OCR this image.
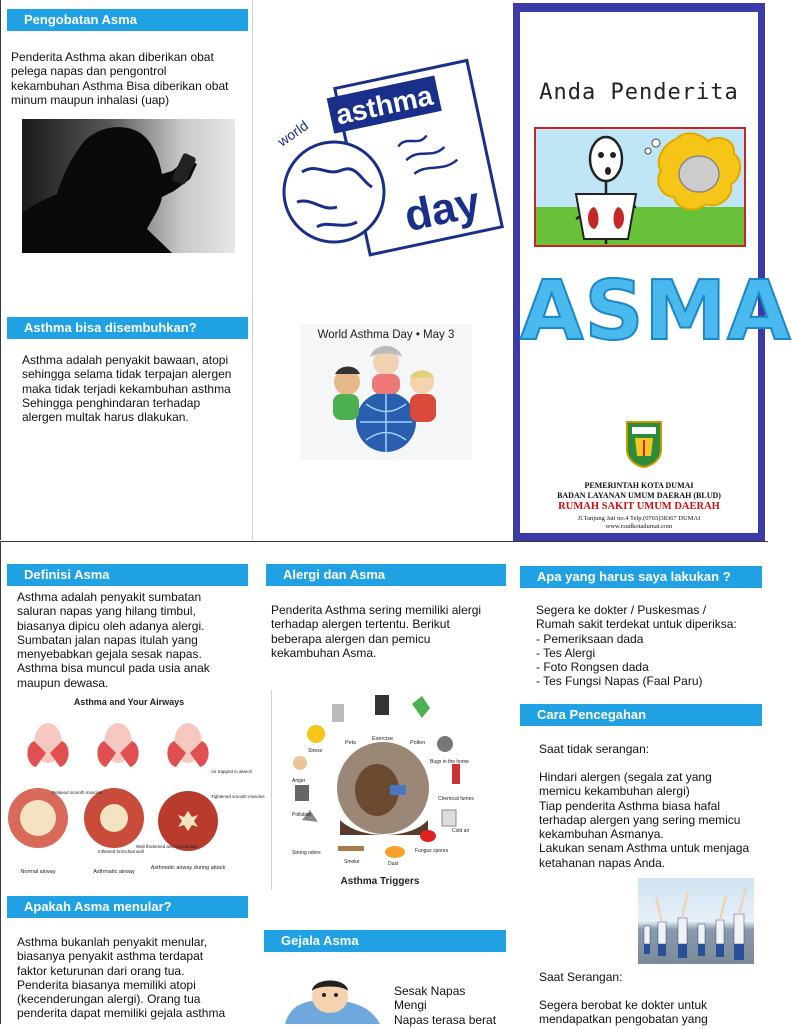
Pengobatan Asma
Penderita Asthma akan diberikan obat
pelega napas dan pengontrol
kekambuhan Asthma Bisa diberikan obat
minum maupun inhalasi (uap)	asthma
day
world
Asthma bisa disembuhkan?
Asthma adalah penyakit bawaan, atopi
sehingga selama tidak terpajan alergen
maka tidak terjadi kekambuhan asthma
Sehingga penghindaran terhadap
alergen multak harus dlakukan.
World Asthma Day • May 3
Anda Penderita
ASMA
PEMERINTAH KOTA DUMAI
BADAN LAYANAN UMUM DAERAH (BLUD)
RUMAH SAKIT UMUM DAERAH
Jl.Tanjung Jati no.4 Telp.(0765)38367 DUMAI
www.rsudkotadumai.com
Definisi Asma
Asthma adalah penyakit sumbatan
saluran napas yang hilang timbul,
biasanya dipicu oleh adanya alergi.
Sumbatan jalan napas itulah yang
menyebabkan gejala sesak napas.
Asthma bisa muncul pada usia anak
maupun dewasa.
Asthma and Your Airways
Normal airway	Asthmatic airway
Asthmatic airway during attack
Relaxed smooth muscles
Inflamed bronchial wall
Air trapped in alveoli
Tightened smooth muscles
Wall thickened and constricted
Apakah Asma menular?
Asthma bukanlah penyakit menular,
biasanya penyakit asthma terdapat
faktor keturunan dari orang tua.
Penderita biasanya memiliki atopi
(kecenderungan alergi). Orang tua
penderita dapat memiliki gejala asthma
Alergi dan Asma
Penderita Asthma sering memiliki alergi
terhadap alergen tertentu. Berikut
beberapa alergen dan pemicu
kekambuhan Asma.
Pets
Exercise
Pollen
Bugs in the home
Chemical fumes
Cold air
Fungus spores
Dust
Smoke
Strong odors
Pollution
Anger
Stress
Asthma Triggers
Gejala Asma
Sesak Napas
Mengi
Napas terasa berat
Apa yang harus saya lakukan ?
Segera ke dokter / Puskesmas /
Rumah sakit terdekat untuk diperiksa:
- Pemeriksaan dada
- Tes Alergi
- Foto Rongsen dada
- Tes Fungsi Napas (Faal Paru)
Cara Pencegahan
Saat tidak serangan:
Hindari alergen (segala zat yang
memicu kekambuhan alergi)
Tiap penderita Asthma biasa hafal
terhadap alergen yang sering memicu
kekambuhan Asmanya.
Lakukan senam Asthma untuk menjaga
ketahanan napas Anda.
Saat Serangan:
Segera berobat ke dokter untuk
mendapatkan pengobatan yang
